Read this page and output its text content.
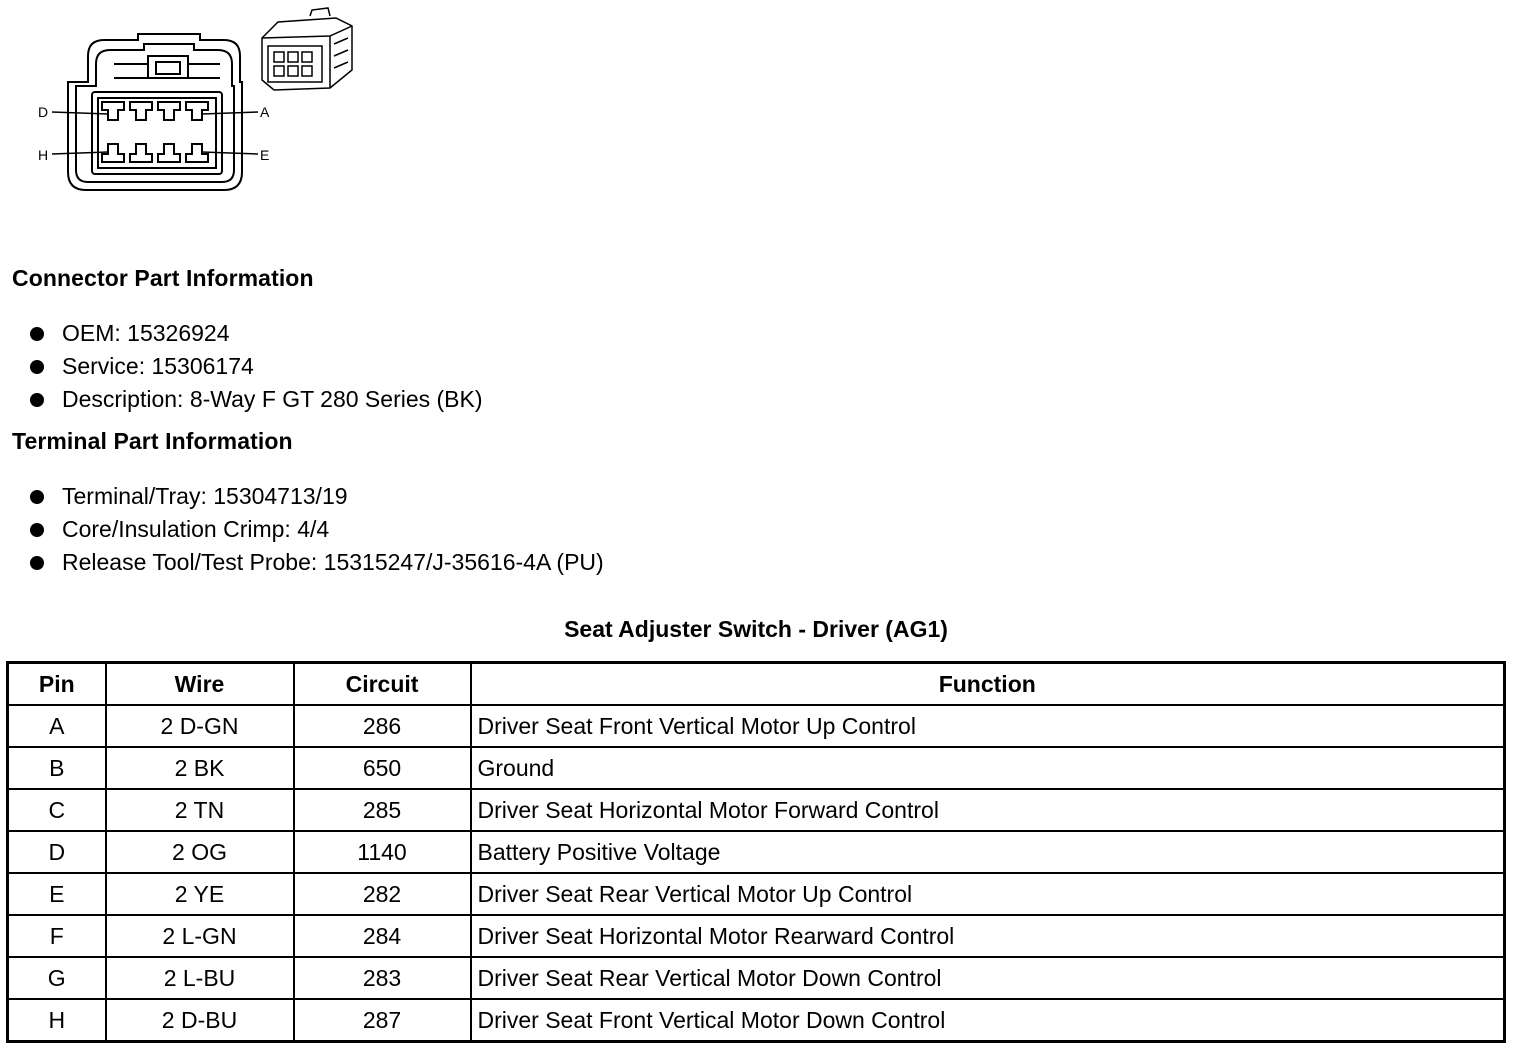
D
H
A
E
Connector Part Information
OEM: 15326924
Service: 15306174
Description: 8-Way F GT 280 Series (BK)
Terminal Part Information
Terminal/Tray: 15304713/19
Core/Insulation Crimp: 4/4
Release Tool/Test Probe: 15315247/J-35616-4A (PU)
Seat Adjuster Switch - Driver (AG1)
Pin	Wire	Circuit	Function
A	2 D-GN	286	Driver Seat Front Vertical Motor Up Control
B	2 BK	650	Ground
C	2 TN	285	Driver Seat Horizontal Motor Forward Control
D	2 OG	1140	Battery Positive Voltage
E	2 YE	282	Driver Seat Rear Vertical Motor Up Control
F	2 L-GN	284	Driver Seat Horizontal Motor Rearward Control
G	2 L-BU	283	Driver Seat Rear Vertical Motor Down Control
H	2 D-BU	287	Driver Seat Front Vertical Motor Down Control
